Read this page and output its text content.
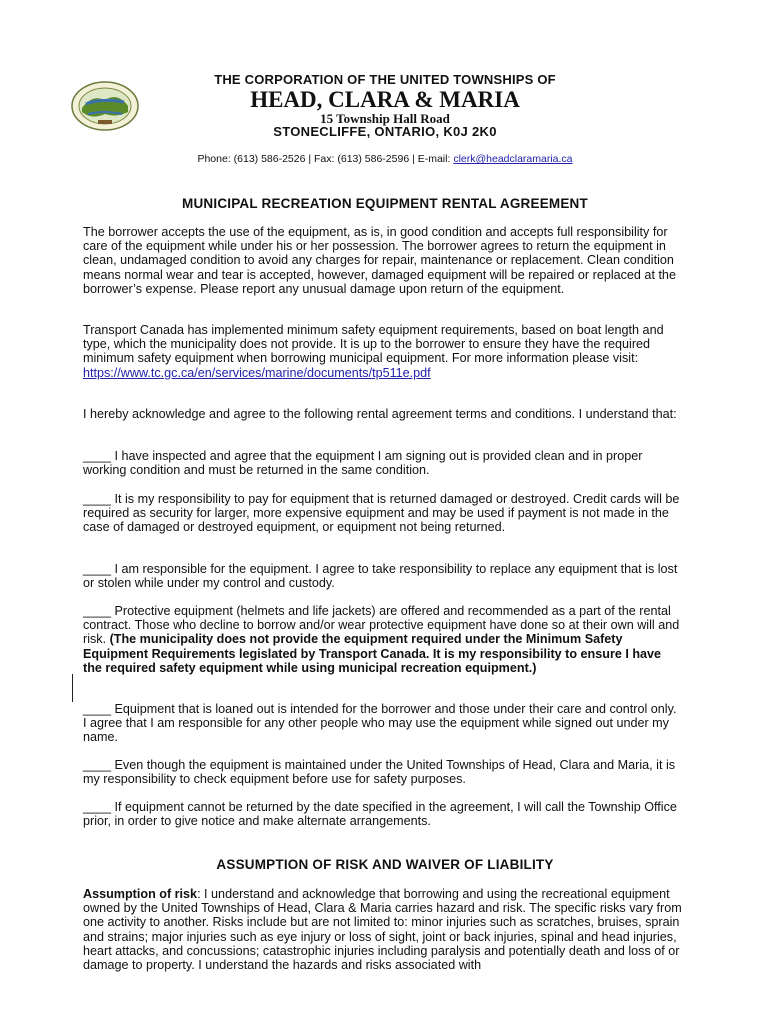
THE CORPORATION OF THE UNITED TOWNSHIPS OF
HEAD, CLARA & MARIA
15 Township Hall Road
STONECLIFFE, ONTARIO, K0J 2K0
Phone: (613) 586-2526 | Fax: (613) 586-2596 | E-mail: clerk@headclaramaria.ca
MUNICIPAL RECREATION EQUIPMENT RENTAL AGREEMENT
The borrower accepts the use of the equipment, as is, in good condition and accepts full responsibility for care of the equipment while under his or her possession. The borrower agrees to return the equipment in clean, undamaged condition to avoid any charges for repair, maintenance or replacement. Clean condition means normal wear and tear is accepted, however, damaged equipment will be repaired or replaced at the borrower’s expense. Please report any unusual damage upon return of the equipment.
Transport Canada has implemented minimum safety equipment requirements, based on boat length and type, which the municipality does not provide. It is up to the borrower to ensure they have the required minimum safety equipment when borrowing municipal equipment. For more information please visit:
https://www.tc.gc.ca/en/services/marine/documents/tp511e.pdf
I hereby acknowledge and agree to the following rental agreement terms and conditions. I understand that:
____ I have inspected and agree that the equipment I am signing out is provided clean and in proper working condition and must be returned in the same condition.
____ It is my responsibility to pay for equipment that is returned damaged or destroyed. Credit cards will be required as security for larger, more expensive equipment and may be used if payment is not made in the case of damaged or destroyed equipment, or equipment not being returned.
____ I am responsible for the equipment. I agree to take responsibility to replace any equipment that is lost or stolen while under my control and custody.
____ Protective equipment (helmets and life jackets) are offered and recommended as a part of the rental contract. Those who decline to borrow and/or wear protective equipment have done so at their own will and risk. (The municipality does not provide the equipment required under the Minimum Safety Equipment Requirements legislated by Transport Canada. It is my responsibility to ensure I have the required safety equipment while using municipal recreation equipment.)
____ Equipment that is loaned out is intended for the borrower and those under their care and control only. I agree that I am responsible for any other people who may use the equipment while signed out under my name.
____ Even though the equipment is maintained under the United Townships of Head, Clara and Maria, it is my responsibility to check equipment before use for safety purposes.
____ If equipment cannot be returned by the date specified in the agreement, I will call the Township Office prior, in order to give notice and make alternate arrangements.
ASSUMPTION OF RISK AND WAIVER OF LIABILITY
Assumption of risk: I understand and acknowledge that borrowing and using the recreational equipment owned by the United Townships of Head, Clara & Maria carries hazard and risk. The specific risks vary from one activity to another. Risks include but are not limited to: minor injuries such as scratches, bruises, sprain and strains; major injuries such as eye injury or loss of sight, joint or back injuries, spinal and head injuries, heart attacks, and concussions; catastrophic injuries including paralysis and potentially death and loss of or damage to property. I understand the hazards and risks associated with
